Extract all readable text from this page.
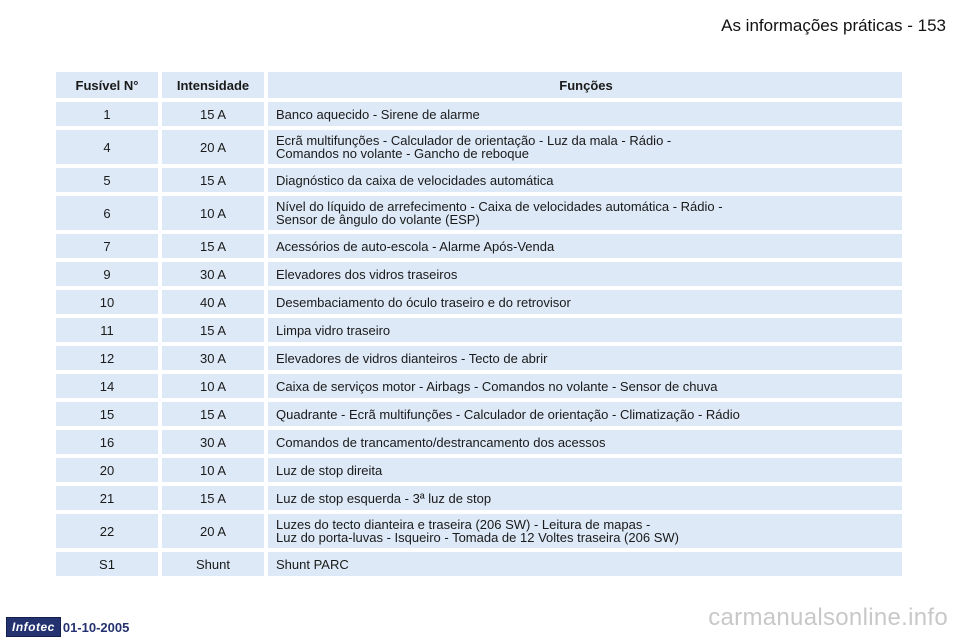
As informações práticas - 153
Fusível N°	Intensidade	Funções
1	15 A	Banco aquecido - Sirene de alarme

4	20 A	Ecrã multifunções - Calculador de orientação - Luz da mala - Rádio -
Comandos no volante - Gancho de reboque

5	15 A	Diagnóstico da caixa de velocidades automática

6	10 A	Nível do líquido de arrefecimento - Caixa de velocidades automática - Rádio -
Sensor de ângulo do volante (ESP)

7	15 A	Acessórios de auto-escola - Alarme Após-Venda

9	30 A	Elevadores dos vidros traseiros

10	40 A	Desembaciamento do óculo traseiro e do retrovisor

11	15 A	Limpa vidro traseiro

12	30 A	Elevadores de vidros dianteiros - Tecto de abrir

14	10 A	Caixa de serviços motor - Airbags - Comandos no volante - Sensor de chuva

15	15 A	Quadrante - Ecrã multifunções - Calculador de orientação - Climatização - Rádio

16	30 A	Comandos de trancamento/destrancamento dos acessos

20	10 A	Luz de stop direita

21	15 A	Luz de stop esquerda - 3ª luz de stop

22	20 A	Luzes do tecto dianteira e traseira (206 SW) - Leitura de mapas -
Luz do porta-luvas - Isqueiro - Tomada de 12 Voltes traseira (206 SW)

S1	Shunt	Shunt PARC
Infotec 01-10-2005	carmanualsonline.info
